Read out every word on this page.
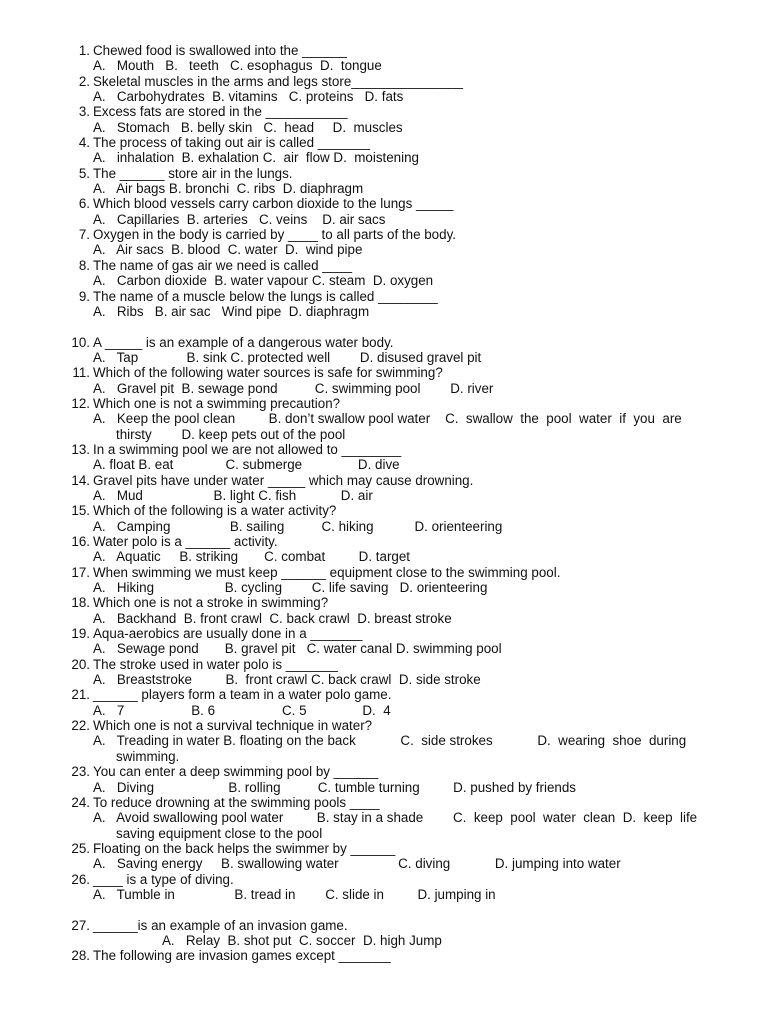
1. Chewed food is swallowed into the ______
A.   Mouth   B.   teeth   C. esophagus  D.  tongue
2. Skeletal muscles in the arms and legs store_______________
A.   Carbohydrates  B. vitamins   C. proteins   D. fats
3. Excess fats are stored in the ___________
A.   Stomach   B. belly skin   C.  head     D.  muscles
4. The process of taking out air is called _______
A.   inhalation  B. exhalation C.  air  flow D.  moistening
5. The ______ store air in the lungs.
A.   Air bags B. bronchi  C. ribs  D. diaphragm
6. Which blood vessels carry carbon dioxide to the lungs _____
A.   Capillaries  B. arteries   C. veins    D. air sacs
7. Oxygen in the body is carried by ____ to all parts of the body.
A.   Air sacs  B. blood  C. water  D.  wind pipe
8. The name of gas air we need is called ____
A.   Carbon dioxide  B. water vapour C. steam  D. oxygen
9. The name of a muscle below the lungs is called ________
A.   Ribs   B. air sac   Wind pipe  D. diaphragm
10. A _____ is an example of a dangerous water body.
A.   Tap             B. sink C. protected well        D. disused gravel pit
11. Which of the following water sources is safe for swimming?
A.   Gravel pit  B. sewage pond          C. swimming pool        D. river
12. Which one is not a swimming precaution?
A.   Keep the pool clean         B. don’t swallow pool water    C.  swallow  the  pool  water  if  you  are
thirsty        D. keep pets out of the pool
13. In a swimming pool we are not allowed to ________
A. float B. eat              C. submerge               D. dive
14. Gravel pits have under water _____ which may cause drowning.
A.   Mud                   B. light C. fish            D. air
15. Which of the following is a water activity?
A.   Camping                B. sailing          C. hiking           D. orienteering
16. Water polo is a ______ activity.
A.   Aquatic     B. striking       C. combat         D. target
17. When swimming we must keep ______ equipment close to the swimming pool.
A.   Hiking                   B. cycling        C. life saving   D. orienteering
18. Which one is not a stroke in swimming?
A.   Backhand  B. front crawl  C. back crawl  D. breast stroke
19. Aqua-aerobics are usually done in a _______
A.   Sewage pond       B. gravel pit   C. water canal D. swimming pool
20. The stroke used in water polo is _______
A.   Breaststroke         B.  front crawl C. back crawl  D. side stroke
21. ______ players form a team in a water polo game.
A.   7                  B. 6                  C. 5               D.  4
22. Which one is not a survival technique in water?
A.   Treading in water B. floating on the back            C.  side strokes            D.  wearing  shoe  during
swimming.
23. You can enter a deep swimming pool by ______
A.   Diving                    B. rolling          C. tumble turning         D. pushed by friends
24. To reduce drowning at the swimming pools ____
A.   Avoid swallowing pool water         B. stay in a shade        C.  keep  pool  water  clean  D.  keep  life
saving equipment close to the pool
25. Floating on the back helps the swimmer by ______
A.   Saving energy     B. swallowing water                C. diving            D. jumping into water
26. ____ is a type of diving.
A.   Tumble in                B. tread in        C. slide in         D. jumping in
27. ______is an example of an invasion game.
A.   Relay  B. shot put  C. soccer  D. high Jump
28. The following are invasion games except _______
